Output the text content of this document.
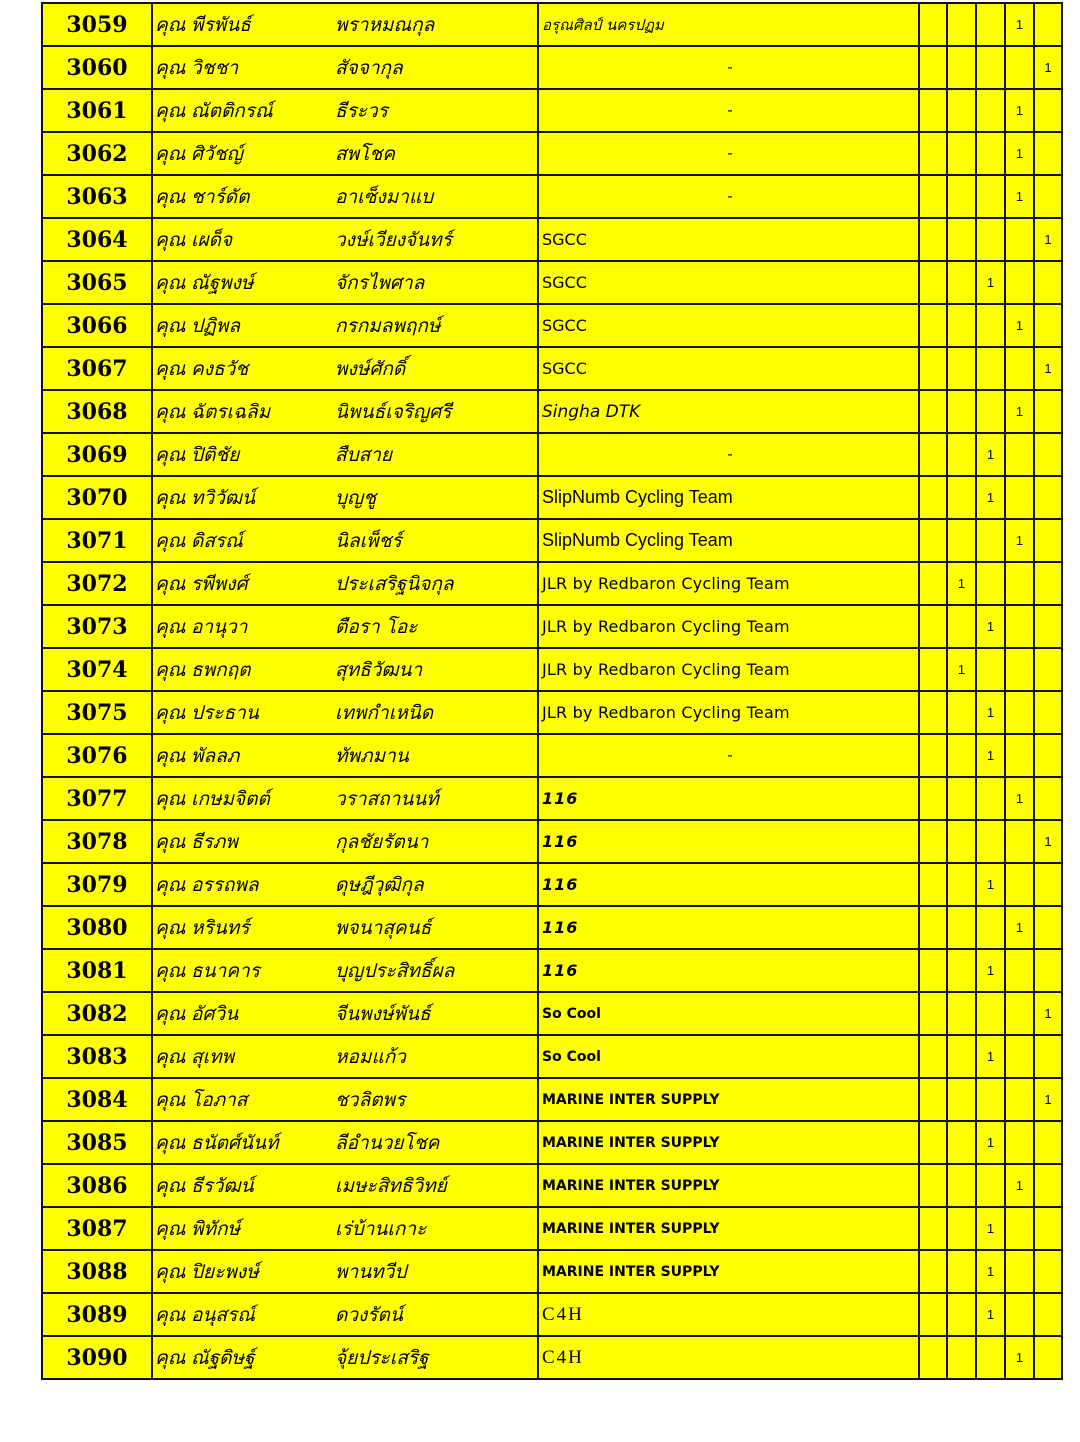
3059	คุณ พีรพันธ์	พราหมณกุล	อรุณศิลป์ นครปฏม				1	
3060	คุณ วิชชา	สัจจากุล	-					1
3061	คุณ ณัตติกรณ์	ธีระวร	-				1	
3062	คุณ ศิวัชญ์	สพโชค	-				1	
3063	คุณ ชาร์ดัต	อาเซ็งมาแบ	-				1	
3064	คุณ เผด็จ	วงษ์เวียงจันทร์	SGCC					1
3065	คุณ ณัฐพงษ์	จักรไพศาล	SGCC			1		
3066	คุณ ปฏิพล	กรกมลพฤกษ์	SGCC				1	
3067	คุณ คงธวัช	พงษ์ศักดิ์	SGCC					1
3068	คุณ ฉัตรเฉลิม	นิพนธ์เจริญศรี	Singha DTK				1	
3069	คุณ ปิติชัย	สืบสาย	-			1		
3070	คุณ ทวิวัฒน์	บุญชู	SlipNumb Cycling Team			1		
3071	คุณ ดิสรณ์	นิลเพ็ชร์	SlipNumb Cycling Team				1	
3072	คุณ รพีพงศ์	ประเสริฐนิจกุล	JLR by Redbaron Cycling Team		1			
3073	คุณ อานุวา	ตือรา โอะ	JLR by Redbaron Cycling Team			1		
3074	คุณ ธพกฤต	สุทธิวัฒนา	JLR by Redbaron Cycling Team		1			
3075	คุณ ประธาน	เทพกำเหนิด	JLR by Redbaron Cycling Team			1		
3076	คุณ พัลลภ	ทัพภมาน	-			1		
3077	คุณ เกษมจิตต์	วราสถานนท์	116				1	
3078	คุณ ธีรภพ	กุลชัยรัตนา	116					1
3079	คุณ อรรถพล	ดุษฎีวุฒิกุล	116			1		
3080	คุณ หรินทร์	พจนาสุคนธ์	116				1	
3081	คุณ ธนาคาร	บุญประสิทธิ์ผล	116			1		
3082	คุณ อัศวิน	จีนพงษ์พันธ์	So Cool					1
3083	คุณ สุเทพ	หอมแก้ว	So Cool			1		
3084	คุณ โอภาส	ชวลิตพร	MARINE INTER SUPPLY					1
3085	คุณ ธนัตศ์นันท์	ลีอำนวยโชค	MARINE INTER SUPPLY			1		
3086	คุณ ธีรวัฒน์	เมษะสิทธิวิทย์	MARINE INTER SUPPLY				1	
3087	คุณ พิทักษ์	เร่บ้านเกาะ	MARINE INTER SUPPLY			1		
3088	คุณ ปิยะพงษ์	พานทวีป	MARINE INTER SUPPLY			1		
3089	คุณ อนุสรณ์	ดวงรัตน์	C4H			1		
3090	คุณ ณัฐดิษฐ์	จุ้ยประเสริฐ	C4H				1	
